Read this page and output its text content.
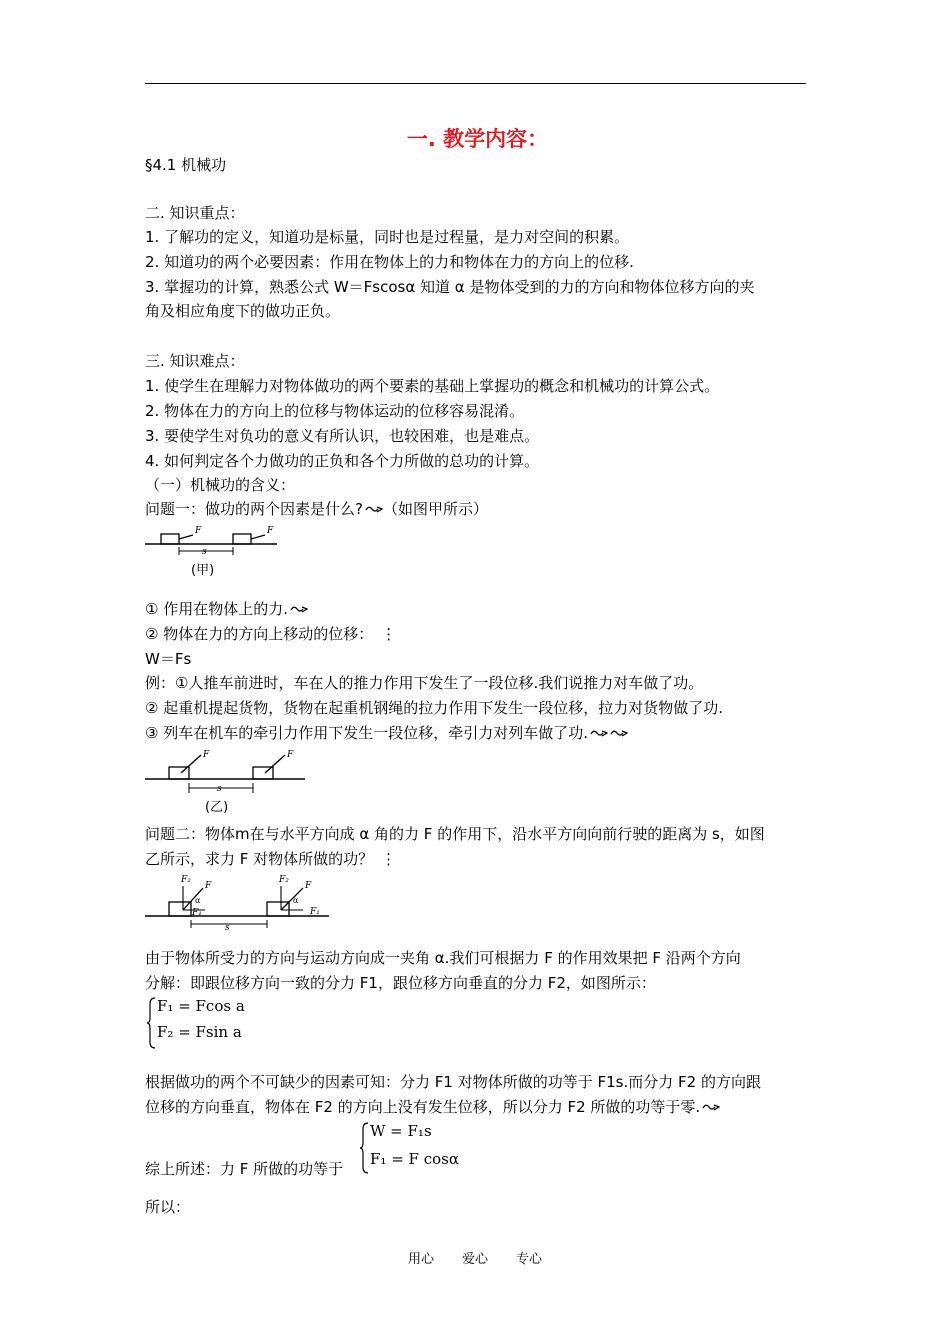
一. 教学内容：
§4.1 机械功
二. 知识重点：
1. 了解功的定义，知道功是标量，同时也是过程量，是力对空间的积累。
2. 知道功的两个必要因素：作用在物体上的力和物体在力的方向上的位移.
3. 掌握功的计算，熟悉公式 W＝Fscosα 知道 α 是物体受到的力的方向和物体位移方向的夹
角及相应角度下的做功正负。
三. 知识难点：
1. 使学生在理解力对物体做功的两个要素的基础上掌握功的概念和机械功的计算公式。
2. 物体在力的方向上的位移与物体运动的位移容易混淆。
3. 要使学生对负功的意义有所认识，也较困难，也是难点。
4. 如何判定各个力做功的正负和各个力所做的总功的计算。
（一）机械功的含义：
问题一：做功的两个因素是什么? （如图甲所示）
F	F
s
(甲)
① 作用在物体上的力.
② 物体在力的方向上移动的位移： ⋮
W＝Fs
例：①人推车前进时，车在人的推力作用下发生了一段位移.我们说推力对车做了功。
② 起重机提起货物，货物在起重机钢绳的拉力作用下发生一段位移，拉力对货物做了功.
③ 列车在机车的牵引力作用下发生一段位移，牵引力对列车做了功.
F	F
s
(乙)
问题二：物体m在与水平方向成 α 角的力 F 的作用下，沿水平方向向前行驶的距离为 s，如图
乙所示，求力 F 对物体所做的功？ ⋮
F₂
F
F₁
α
F₂
F
F₁
α
s
由于物体所受力的方向与运动方向成一夹角 α.我们可根据力 F 的作用效果把 F 沿两个方向
分解：即跟位移方向一致的分力 F1，跟位移方向垂直的分力 F2，如图所示：
F₁ = Fcos a
F₂ = Fsin a
根据做功的两个不可缺少的因素可知：分力 F1 对物体所做的功等于 F1s.而分力 F2 的方向跟
位移的方向垂直，物体在 F2 的方向上没有发生位移，所以分力 F2 所做的功等于零.
W = F₁s
F₁ = F cosα
综上所述：力 F 所做的功等于
所以：
用心 爱心 专心
